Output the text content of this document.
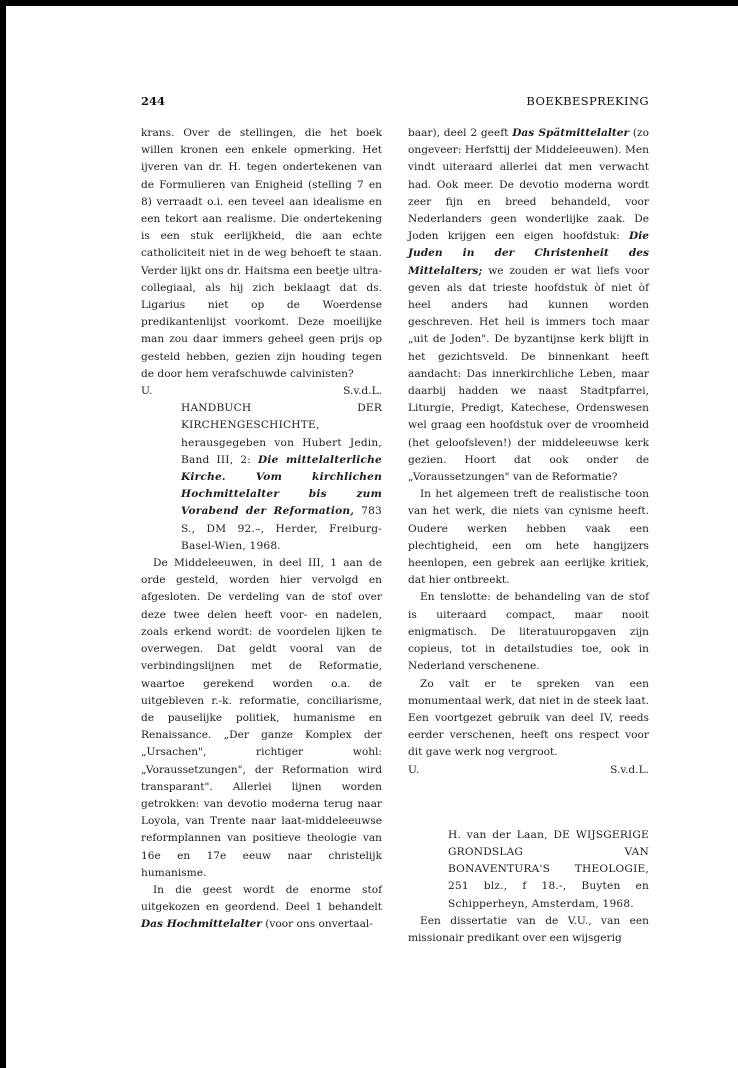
244	BOEKBESPREKING

krans. Over de stellingen, die het boek willen kronen een enkele opmerking. Het ijveren van dr. H. tegen ondertekenen van de Formulieren van Enigheid (stelling 7 en 8) verraadt o.i. een teveel aan idealisme en een tekort aan realisme. Die ondertekening is een stuk eerlijkheid, die aan echte catholiciteit niet in de weg behoeft te staan. Verder lijkt ons dr. Haitsma een beetje ultra-collegiaal, als hij zich beklaagt dat ds. Ligarius niet op de Woerdense predikantenlijst voorkomt. Deze moeilijke man zou daar immers geheel geen prijs op gesteld hebben, gezien zijn houding tegen de door hem verafschuwde calvinisten?

U.	S.v.d.L.

HANDBUCH DER KIRCHENGESCHICHTE, herausgegeben von Hubert Jedin, Band III, 2: Die mittelalterliche Kirche. Vom kirchlichen Hochmittelalter bis zum Vorabend der Reformation, 783 S., DM 92.–, Herder, Freiburg-Basel-Wien, 1968.

De Middeleeuwen, in deel III, 1 aan de orde gesteld, worden hier vervolgd en afgesloten. De verdeling van de stof over deze twee delen heeft voor- en nadelen, zoals erkend wordt: de voordelen lijken te overwegen. Dat geldt vooral van de verbindingslijnen met de Reformatie, waartoe gerekend worden o.a. de uitgebleven r.-k. reformatie, conciliarisme, de pauselijke politiek, humanisme en Renaissance. „Der ganze Komplex der „Ursachen", richtiger wohl: „Voraussetzungen", der Reformation wird transparant". Allerlei lijnen worden getrokken: van devotio moderna terug naar Loyola, van Trente naar laat-middeleeuwse reformplannen van positieve theologie van 16e en 17e eeuw naar christelijk humanisme.

In die geest wordt de enorme stof uitgekozen en geordend. Deel 1 behandelt Das Hochmittelalter (voor ons onvertaal-

baar), deel 2 geeft Das Spätmittelalter (zo ongeveer: Herfsttij der Middeleeuwen). Men vindt uiteraard allerlei dat men verwacht had. Ook meer. De devotio moderna wordt zeer fijn en breed behandeld, voor Nederlanders geen wonderlijke zaak. De Joden krijgen een eigen hoofdstuk: Die Juden in der Christenheit des Mittelalters; we zouden er wat liefs voor geven als dat trieste hoofdstuk òf niet òf heel anders had kunnen worden geschreven. Het heil is immers toch maar „uit de Joden". De byzantijnse kerk blijft in het gezichtsveld. De binnenkant heeft aandacht: Das innerkirchliche Leben, maar daarbij hadden we naast Stadtpfarrei, Liturgie, Predigt, Katechese, Ordenswesen wel graag een hoofdstuk over de vroomheid (het geloofsleven!) der middeleeuwse kerk gezien. Hoort dat ook onder de „Voraussetzungen" van de Reformatie?

In het algemeen treft de realistische toon van het werk, die niets van cynisme heeft. Oudere werken hebben vaak een plechtigheid, een om hete hangijzers heenlopen, een gebrek aan eerlijke kritiek, dat hier ontbreekt.

En tenslotte: de behandeling van de stof is uiteraard compact, maar nooit enigmatisch. De literatuuropgaven zijn copieus, tot in detailstudies toe, ook in Nederland verschenene.

Zo valt er te spreken van een monumentaal werk, dat niet in de steek laat. Een voortgezet gebruik van deel IV, reeds eerder verschenen, heeft ons respect voor dit gave werk nog vergroot.

U.	S.v.d.L.

H. van der Laan, DE WIJSGERIGE GRONDSLAG VAN BONAVENTURA'S THEOLOGIE, 251 blz., f 18.-, Buyten en Schipperheyn, Amsterdam, 1968.

Een dissertatie van de V.U., van een missionair predikant over een wijsgerig
